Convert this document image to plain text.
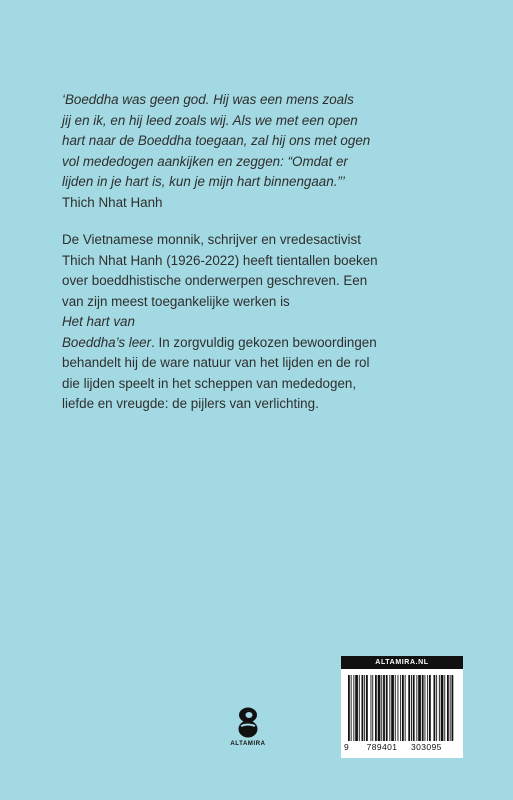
‘Boeddha was geen god. Hij was een mens zoals
jij en ik, en hij leed zoals wij. Als we met een open
hart naar de Boeddha toegaan, zal hij ons met ogen
vol mededogen aankijken en zeggen: “Omdat er
lijden in je hart is, kun je mijn hart binnengaan.”’
Thich Nhat Hanh
De Vietnamese monnik, schrijver en vredesactivist
Thich Nhat Hanh (1926-2022) heeft tientallen boeken
over boeddhistische onderwerpen geschreven. Een
van zijn meest toegankelijke werken is
Het hart van
Boeddha’s leer. In zorgvuldig gekozen bewoordingen
behandelt hij de ware natuur van het lijden en de rol
die lijden speelt in het scheppen van mededogen,
liefde en vreugde: de pijlers van verlichting.
ALTAMIRA
ALTAMIRA.NL
9 789401 303095
